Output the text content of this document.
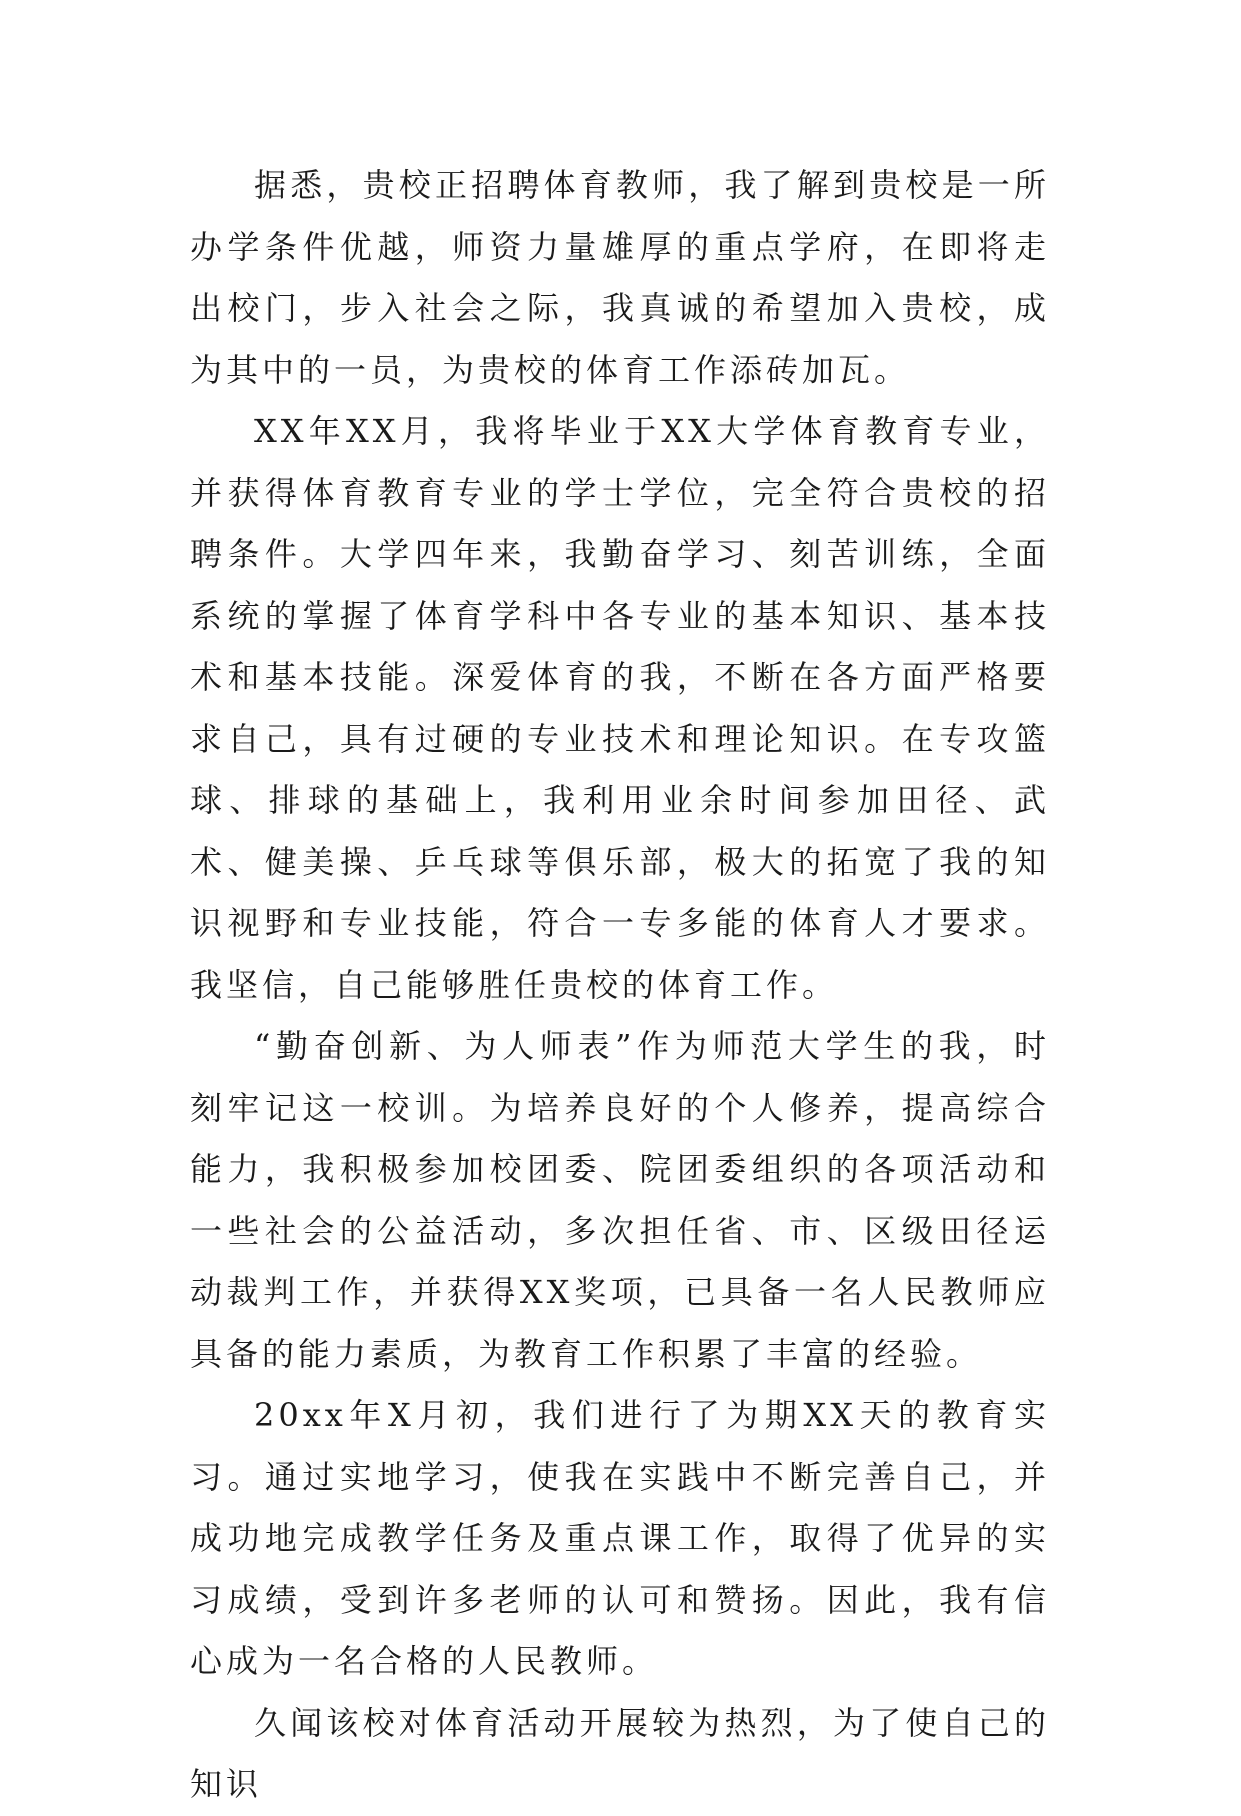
据悉，贵校正招聘体育教师，我了解到贵校是一所办学条件优越，师资力量雄厚的重点学府，在即将走出校门，步入社会之际，我真诚的希望加入贵校，成为其中的一员，为贵校的体育工作添砖加瓦。

XX年XX月，我将毕业于XX大学体育教育专业，并获得体育教育专业的学士学位，完全符合贵校的招聘条件。大学四年来，我勤奋学习、刻苦训练，全面系统的掌握了体育学科中各专业的基本知识、基本技术和基本技能。深爱体育的我，不断在各方面严格要求自己，具有过硬的专业技术和理论知识。在专攻篮球、排球的基础上，我利用业余时间参加田径、武术、健美操、乒乓球等俱乐部，极大的拓宽了我的知识视野和专业技能，符合一专多能的体育人才要求。我坚信，自己能够胜任贵校的体育工作。

“勤奋创新、为人师表”作为师范大学生的我，时刻牢记这一校训。为培养良好的个人修养，提高综合能力，我积极参加校团委、院团委组织的各项活动和一些社会的公益活动，多次担任省、市、区级田径运动裁判工作，并获得XX奖项，已具备一名人民教师应具备的能力素质，为教育工作积累了丰富的经验。

20xx年X月初，我们进行了为期XX天的教育实习。通过实地学习，使我在实践中不断完善自己，并成功地完成教学任务及重点课工作，取得了优异的实习成绩，受到许多老师的认可和赞扬。因此，我有信心成为一名合格的人民教师。

久闻该校对体育活动开展较为热烈，为了使自己的知识
